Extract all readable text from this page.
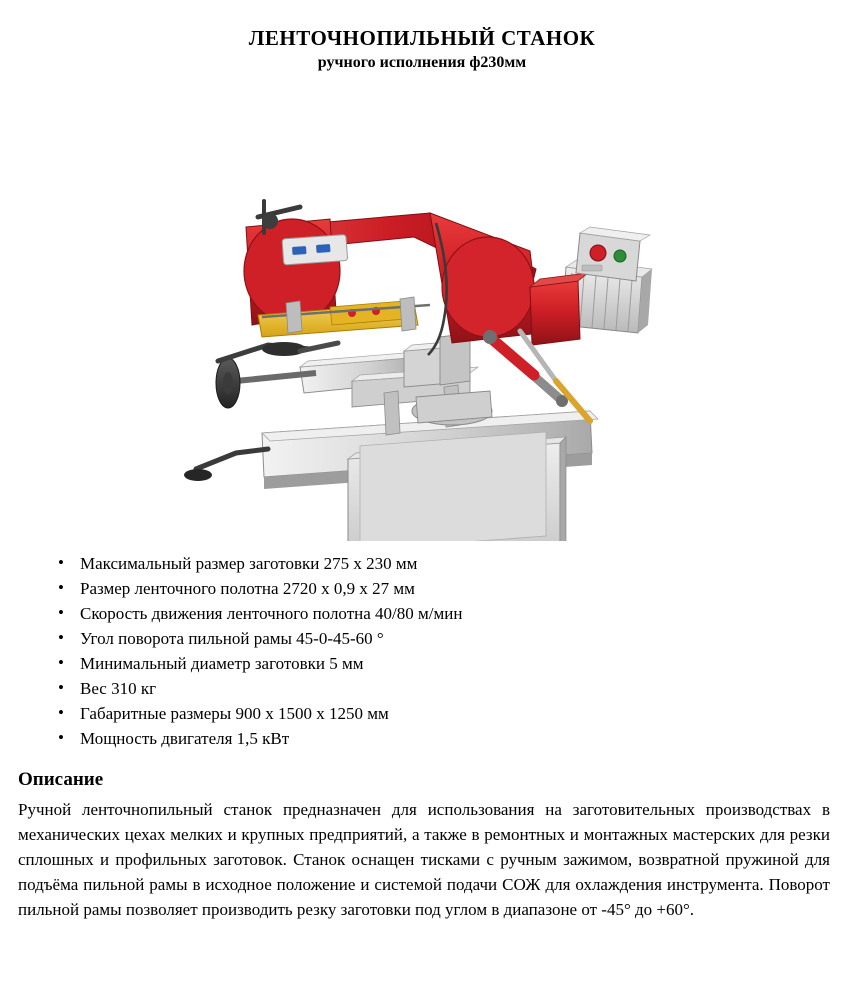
ЛЕНТОЧНОПИЛЬНЫЙ СТАНОК
ручного исполнения ф230мм
• Максимальный размер заготовки 275 х 230 мм
• Размер ленточного полотна 2720 х 0,9 х 27 мм
• Скорость движения ленточного полотна 40/80 м/мин
• Угол поворота пильной рамы 45-0-45-60 °
• Минимальный диаметр заготовки 5 мм
• Вес 310 кг
• Габаритные размеры 900 х 1500 х 1250 мм
• Мощность двигателя 1,5 кВт
Описание

Ручной ленточнопильный станок предназначен для использования на заготовительных производствах в механических цехах мелких и крупных предприятий, а также в ремонтных и монтажных мастерских для резки сплошных и профильных заготовок. Станок оснащен тисками с ручным зажимом, возвратной пружиной для подъёма пильной рамы в исходное положение и системой подачи СОЖ для охлаждения инструмента. Поворот пильной рамы позволяет производить резку заготовки под углом в диапазоне от -45° до +60°.
